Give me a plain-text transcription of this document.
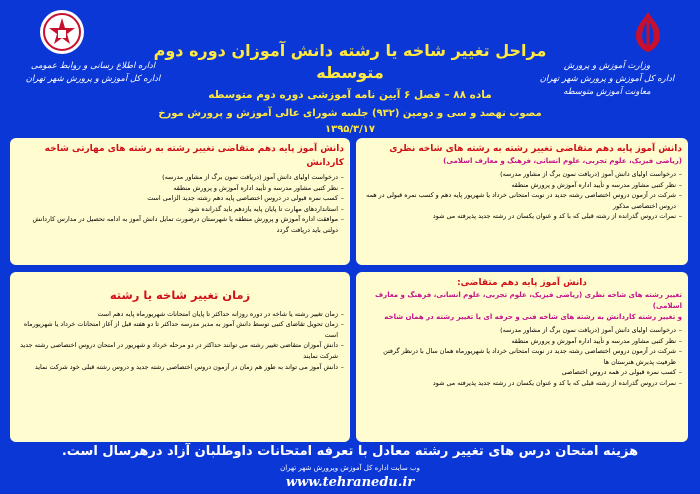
وزارت آموزش و پرورش
اداره کل آموزش و پرورش شهر تهران
معاونت آموزش متوسطه
اداره اطلاع رسانی و روابط عمومی
اداره کل آموزش و پرورش شهر تهران
مراحل تغییر شاخه یا رشته دانش آموزان دوره دوم متوسطه
ماده ۸۸ – فصل ۶ آیین نامه آموزشی دوره دوم متوسطه
مصوب نهصد و سی و دومین (۹۳۲) جلسه شورای عالی آموزش و پرورش مورخ ۱۳۹۵/۳/۱۷
دانش آموز پایه دهم متقاضی تغییر رشته به رشته های شاخه نظری
(ریاضی فیزیک، علوم تجربی، علوم انسانی، فرهنگ و معارف اسلامی)
– درخواست اولیای دانش آموز (دریافت نمون برگ از مشاور مدرسه)
– نظر کتبی مشاور مدرسه و تأیید اداره آموزش و پرورش منطقه
– شرکت در آزمون دروس اختصاصی رشته جدید در نوبت امتحانی خرداد یا شهریور پایه دهم و کسب نمره قبولی در همه دروس اختصاصی مذکور
– نمرات دروس گذرانده از رشته قبلی که با کد و عنوان یکسان در رشته جدید پذیرفته می شود
دانش آموز پایه دهم متقاضی تغییر رشته به رشته های مهارتی شاخه کاردانش
– درخواست اولیای دانش آموز (دریافت نمون برگ از مشاور مدرسه)
– نظر کتبی مشاور مدرسه و تأیید اداره آموزش و پرورش منطقه
– کسب نمره قبولی در دروس اختصاصی پایه دهم رشته جدید الزامی است
– استانداردهای مهارت تا پایان پایه یازدهم باید گذرانده شود
– موافقت اداره آموزش و پرورش منطقه یا شهرستان درصورت تمایل دانش آموز به ادامه تحصیل در مدارس کاردانش دولتی باید دریافت گردد
دانش آموز پایه دهم متقاضی:
تغییر رشته های شاخه نظری (ریاضی فیزیک، علوم تجربی، علوم انسانی، فرهنگ و معارف اسلامی)
و تغییر رشته کاردانش به رشته های شاخه فنی و حرفه ای یا تغییر رشته در همان شاخه
– درخواست اولیای دانش آموز (دریافت نمون برگ از مشاور مدرسه)
– نظر کتبی مشاور مدرسه و تأیید اداره آموزش و پرورش منطقه
– شرکت در آزمون دروس اختصاصی رشته جدید در نوبت امتحانی خرداد یا شهریورماه همان سال با درنظر گرفتن ظرفیت پذیرش هنرستان ها
– کسب نمره قبولی در همه دروس اختصاصی
– نمرات دروس گذرانده از رشته قبلی که با کد و عنوان یکسان در رشته جدید پذیرفته می شود
زمان تغییر شاخه یا رشته
– زمان تغییر رشته یا شاخه در دوره روزانه حداکثر تا پایان امتحانات شهریورماه پایه دهم است
– زمان تحویل تقاضای کتبی توسط دانش آموز به مدیر مدرسه حداکثر تا دو هفته قبل از آغاز امتحانات خرداد یا شهریورماه است
– دانش آموزان متقاضی تغییر رشته می توانند حداکثر در دو مرحله خرداد و شهریور در امتحان دروس اختصاصی رشته جدید شرکت نمایند
– دانش آموز می تواند به طور هم زمان در آزمون دروس اختصاصی رشته جدید و دروس رشته قبلی خود شرکت نماید
هزینه امتحان درس های تغییر رشته معادل با تعرفه امتحانات داوطلبان آزاد درهرسال است.
وب سایت اداره کل آموزش وپرورش شهر تهران
www.tehranedu.ir
